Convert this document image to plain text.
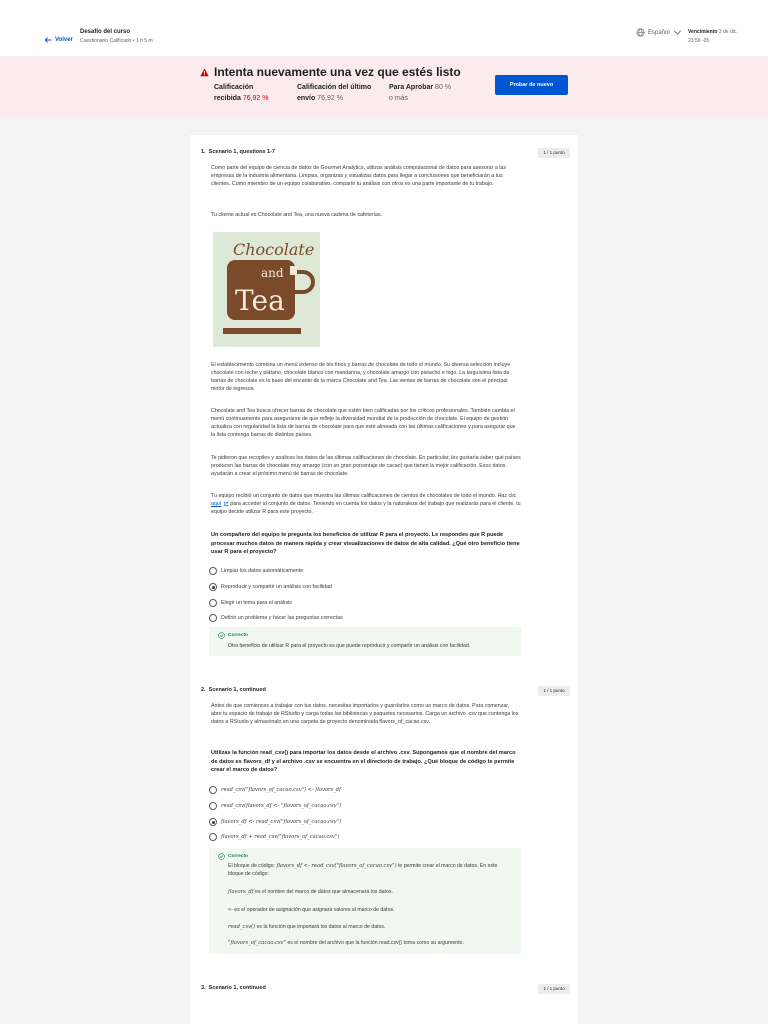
Volver
Desafío del curso
Cuestionario Calificado • 1 h 5 m
Español	Vencimiento 3 de dic.
23:59 -05
Intenta nuevamente una vez que estés listo
Calificación
recibida 76,92 %
Calificación del último
envío 76,92 %
Para Aprobar 80 %
o más
Probar de nuevo
1. Scenario 1, questions 1-7	1 / 1 punto
Como parte del equipo de ciencia de datos de Gourmet Analytics, utilizas análisis computacional de datos para asesorar a las empresas de la industria alimentaria. Limpias, organizas y visualizas datos para llegar a conclusiones que beneficiarán a tus clientes. Como miembro de un equipo colaborativo, compartir tu análisis con otros es una parte importante de tu trabajo.
Tu cliente actual es Chocolate and Tea, una nueva cadena de cafeterías.
Chocolate
and
Tea
El establecimiento combina un menú extenso de tés finos y barras de chocolate de todo el mundo. Su diversa selección incluye chocolate con leche y plátano, chocolate blanco con mandarina, y chocolate amargo con pistacho e higo. La larguísima lista de barras de chocolate es la base del encanto de la marca Chocolate and Tea. Las ventas de barras de chocolate son el principal motor de ingresos.
Chocolate and Tea busca ofrecer barras de chocolate que estén bien calificadas por los críticos profesionales. También cambia el menú continuamente para asegurarse de que refleje la diversidad mundial de la producción de chocolate. El equipo de gestión actualiza con regularidad la lista de barras de chocolate para que esté alineada con las últimas calificaciones y para asegurar que la lista contenga barras de distintos países.
Te pidieron que recopiles y analices los datos de las últimas calificaciones de chocolate. En particular, les gustaría saber qué países producen las barras de chocolate muy amargo (con un gran porcentaje de cacao) que tienen la mejor calificación. Esos datos ayudarán a crear el próximo menú de barras de chocolate.
Tu equipo recibió un conjunto de datos que muestra las últimas calificaciones de cientos de chocolates de todo el mundo. Haz clic aquí  para acceder al conjunto de datos. Teniendo en cuenta los datos y la naturaleza del trabajo que realizarás para el cliente, tu equipo decide utilizar R para este proyecto.
Un compañero del equipo te pregunta los beneficios de utilizar R para el proyecto. Le respondes que R puede procesar muchos datos de manera rápida y crear visualizaciones de datos de alta calidad. ¿Qué otro beneficio tiene usar R para el proyecto?
Limpiar los datos automáticamente
Reproducir y compartir un análisis con facilidad
Elegir un tema para el análisis
Definir un problema y hacer las preguntas correctas
Correcto
Otro beneficio de utilizar R para el proyecto es que puede reproducir y compartir un análisis con facilidad.
2. Scenario 1, continued	1 / 1 punto
Antes de que comiences a trabajar con tus datos, necesitas importarlos y guardarlos como un marco de datos. Para comenzar, abre tu espacio de trabajo de RStudio y carga todas las bibliotecas y paquetes necesarios. Carga un archivo .csv que contenga los datos a RStudio y almacénalo en una carpeta de proyecto denominada flavors_of_cacao.csv.
Utilizas la función read_csv() para importar los datos desde el archivo .csv. Supongamos que el nombre del marco de datos es flavors_df y el archivo .csv se encuentra en el directorio de trabajo. ¿Qué bloque de código te permite crear el marco de datos?
read_csv("flavors_of_cacao.csv") <- flavors_df
read_csv(flavors_df <- "flavors_of_cacao.csv")
flavors_df <- read_csv("flavors_of_cacao.csv")
flavors_df + read_csv("flavors_of_cacao.csv")
Correcto
El bloque de código: flavors_df <- read_csv("flavors_of_cacao.csv") te permite crear el marco de datos. En este bloque de código:
flavors_df es el nombre del marco de datos que almacenará los datos.
<- es el operador de asignación que asignará valores al marco de datos.
read_csv() es la función que importará los datos al marco de datos.
"flavors_of_cacao.csv" es el nombre del archivo que la función read.csv() toma como su argumento.
3. Scenario 1, continued	1 / 1 punto
